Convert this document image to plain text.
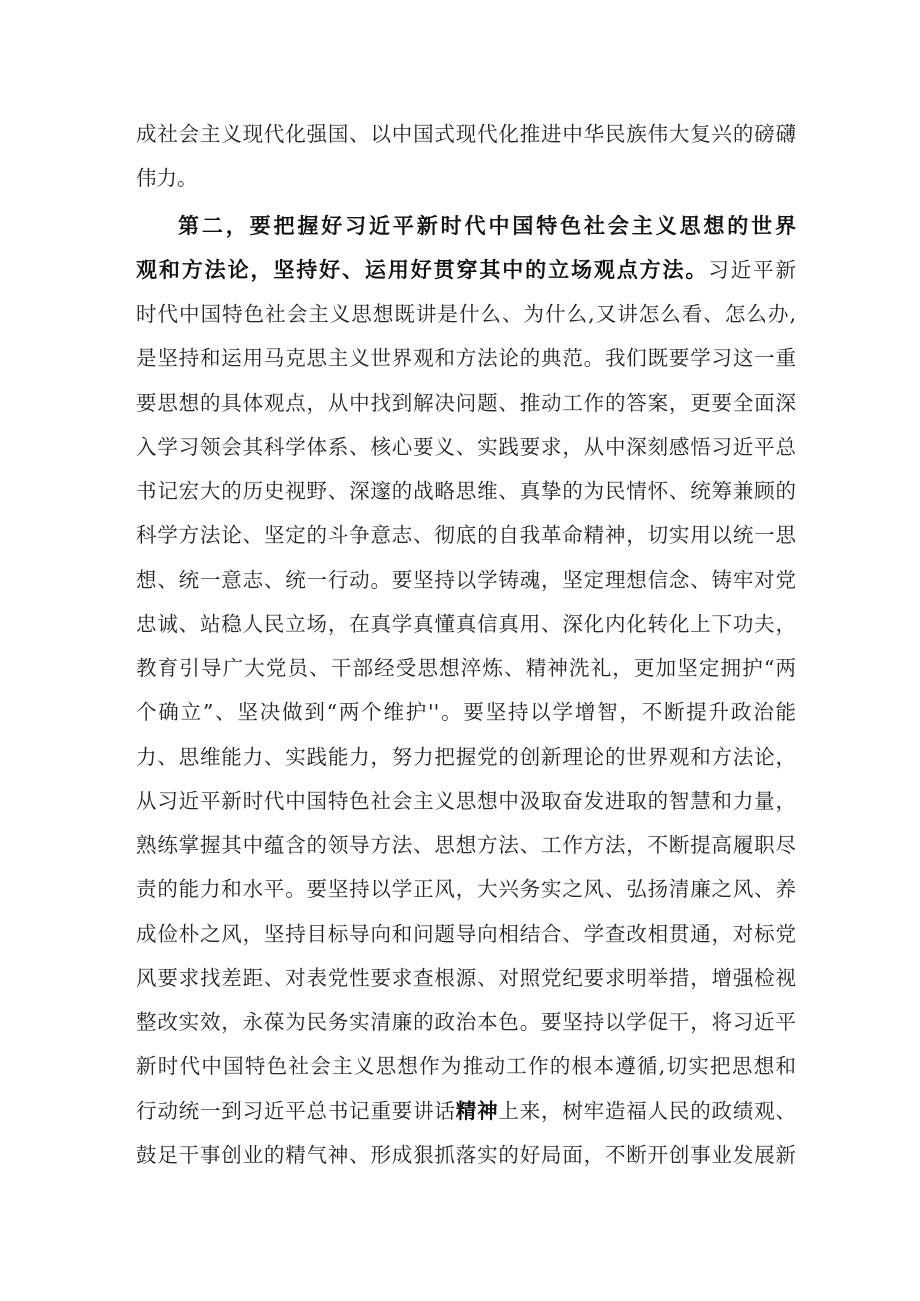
成社会主义现代化强国、以中国式现代化推进中华民族伟大复兴的磅礴
伟力。
第二，要把握好习近平新时代中国特色社会主义思想的世界
观和方法论，坚持好、运用好贯穿其中的立场观点方法。习近平新
时代中国特色社会主义思想既讲是什么、为什么,又讲怎么看、怎么办,
是坚持和运用马克思主义世界观和方法论的典范。我们既要学习这一重
要思想的具体观点，从中找到解决问题、推动工作的答案，更要全面深
入学习领会其科学体系、核心要义、实践要求，从中深刻感悟习近平总
书记宏大的历史视野、深邃的战略思维、真挚的为民情怀、统筹兼顾的
科学方法论、坚定的斗争意志、彻底的自我革命精神，切实用以统一思
想、统一意志、统一行动。要坚持以学铸魂，坚定理想信念、铸牢对党
忠诚、站稳人民立场，在真学真懂真信真用、深化内化转化上下功夫，
教育引导广大党员、干部经受思想淬炼、精神洗礼，更加坚定拥护“两
个确立”、坚决做到“两个维护''。要坚持以学增智，不断提升政治能
力、思维能力、实践能力，努力把握党的创新理论的世界观和方法论，
从习近平新时代中国特色社会主义思想中汲取奋发进取的智慧和力量，
熟练掌握其中蕴含的领导方法、思想方法、工作方法，不断提高履职尽
责的能力和水平。要坚持以学正风，大兴务实之风、弘扬清廉之风、养
成俭朴之风，坚持目标导向和问题导向相结合、学查改相贯通，对标党
风要求找差距、对表党性要求查根源、对照党纪要求明举措，增强检视
整改实效，永葆为民务实清廉的政治本色。要坚持以学促干，将习近平
新时代中国特色社会主义思想作为推动工作的根本遵循,切实把思想和
行动统一到习近平总书记重要讲话精神上来，树牢造福人民的政绩观、
鼓足干事创业的精气神、形成狠抓落实的好局面，不断开创事业发展新
